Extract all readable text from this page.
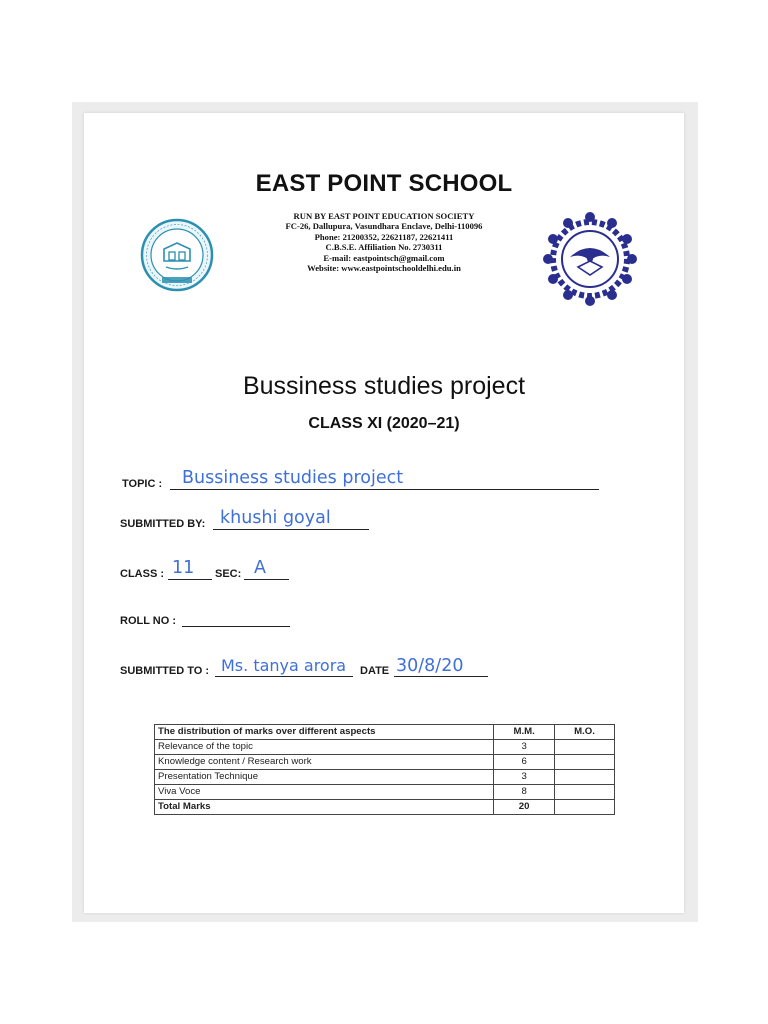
EAST POINT SCHOOL
RUN BY EAST POINT EDUCATION SOCIETY
FC-26, Dallupura, Vasundhara Enclave, Delhi-110096
Phone: 21200352, 22621187, 22621411
C.B.S.E. Affiliation No. 2730311
E-mail: eastpointsch@gmail.com
Website: www.eastpointschooldelhi.edu.in
Bussiness studies project
CLASS XI (2020–21)
TOPIC : Bussiness studies project
SUBMITTED BY: khushi goyal
CLASS : 11 SEC: A
ROLL NO :
SUBMITTED TO : Ms. tanya arora DATE 30/8/20
The distribution of marks over different aspects	M.M.	M.O.
Relevance of the topic	3	
Knowledge content / Research work	6	
Presentation Technique	3	
Viva Voce	8	
Total Marks	20	
